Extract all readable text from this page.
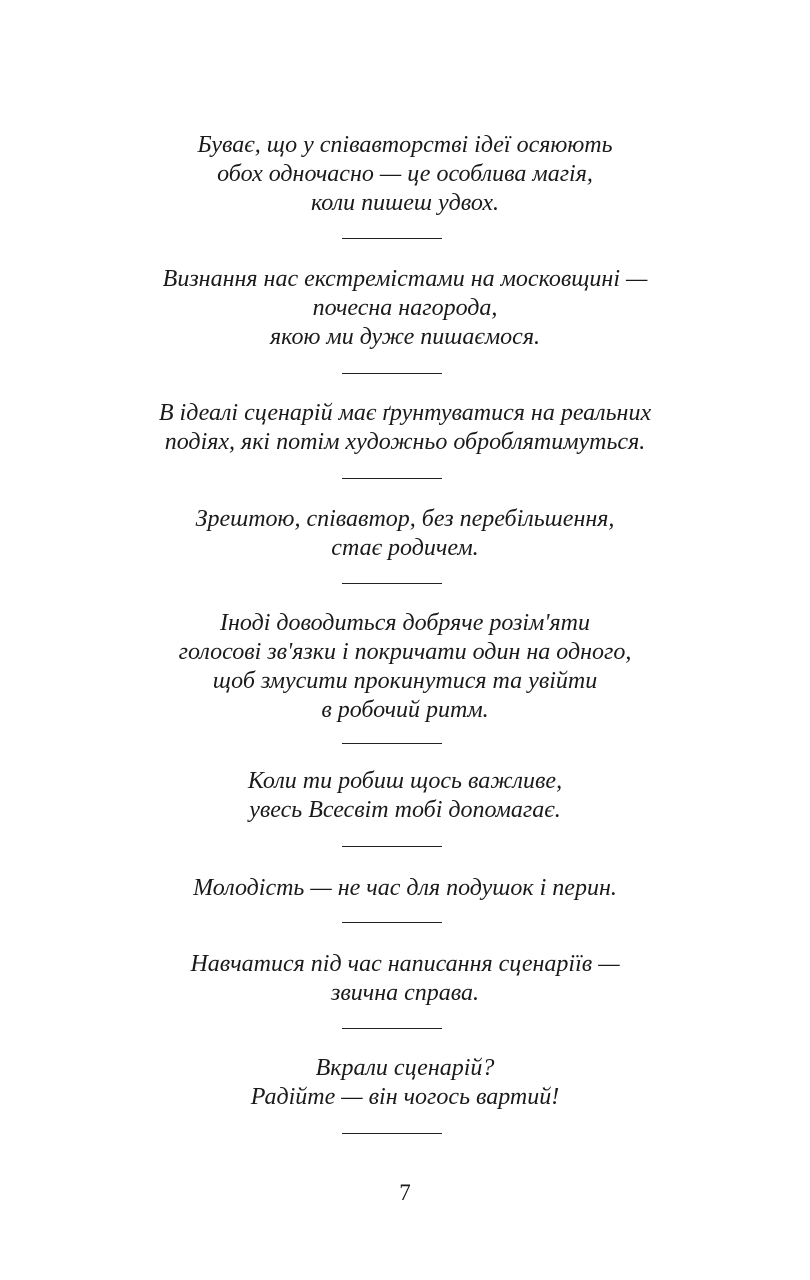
Буває, що у співавторстві ідеї осяюють
обох одночасно — це особлива магія,
коли пишеш удвох.
Визнання нас екстремістами на московщині —
почесна нагорода,
якою ми дуже пишаємося.
В ідеалі сценарій має ґрунтуватися на реальних
подіях, які потім художньо оброблятимуться.
Зрештою, співавтор, без перебільшення,
стає родичем.
Іноді доводиться добряче розім'яти
голосові зв'язки і покричати один на одного,
щоб змусити прокинутися та увійти
в робочий ритм.
Коли ти робиш щось важливе,
увесь Всесвіт тобі допомагає.
Молодість — не час для подушок і перин.
Навчатися під час написання сценаріїв —
звична справа.
Вкрали сценарій?
Радійте — він чогось вартий!
7
